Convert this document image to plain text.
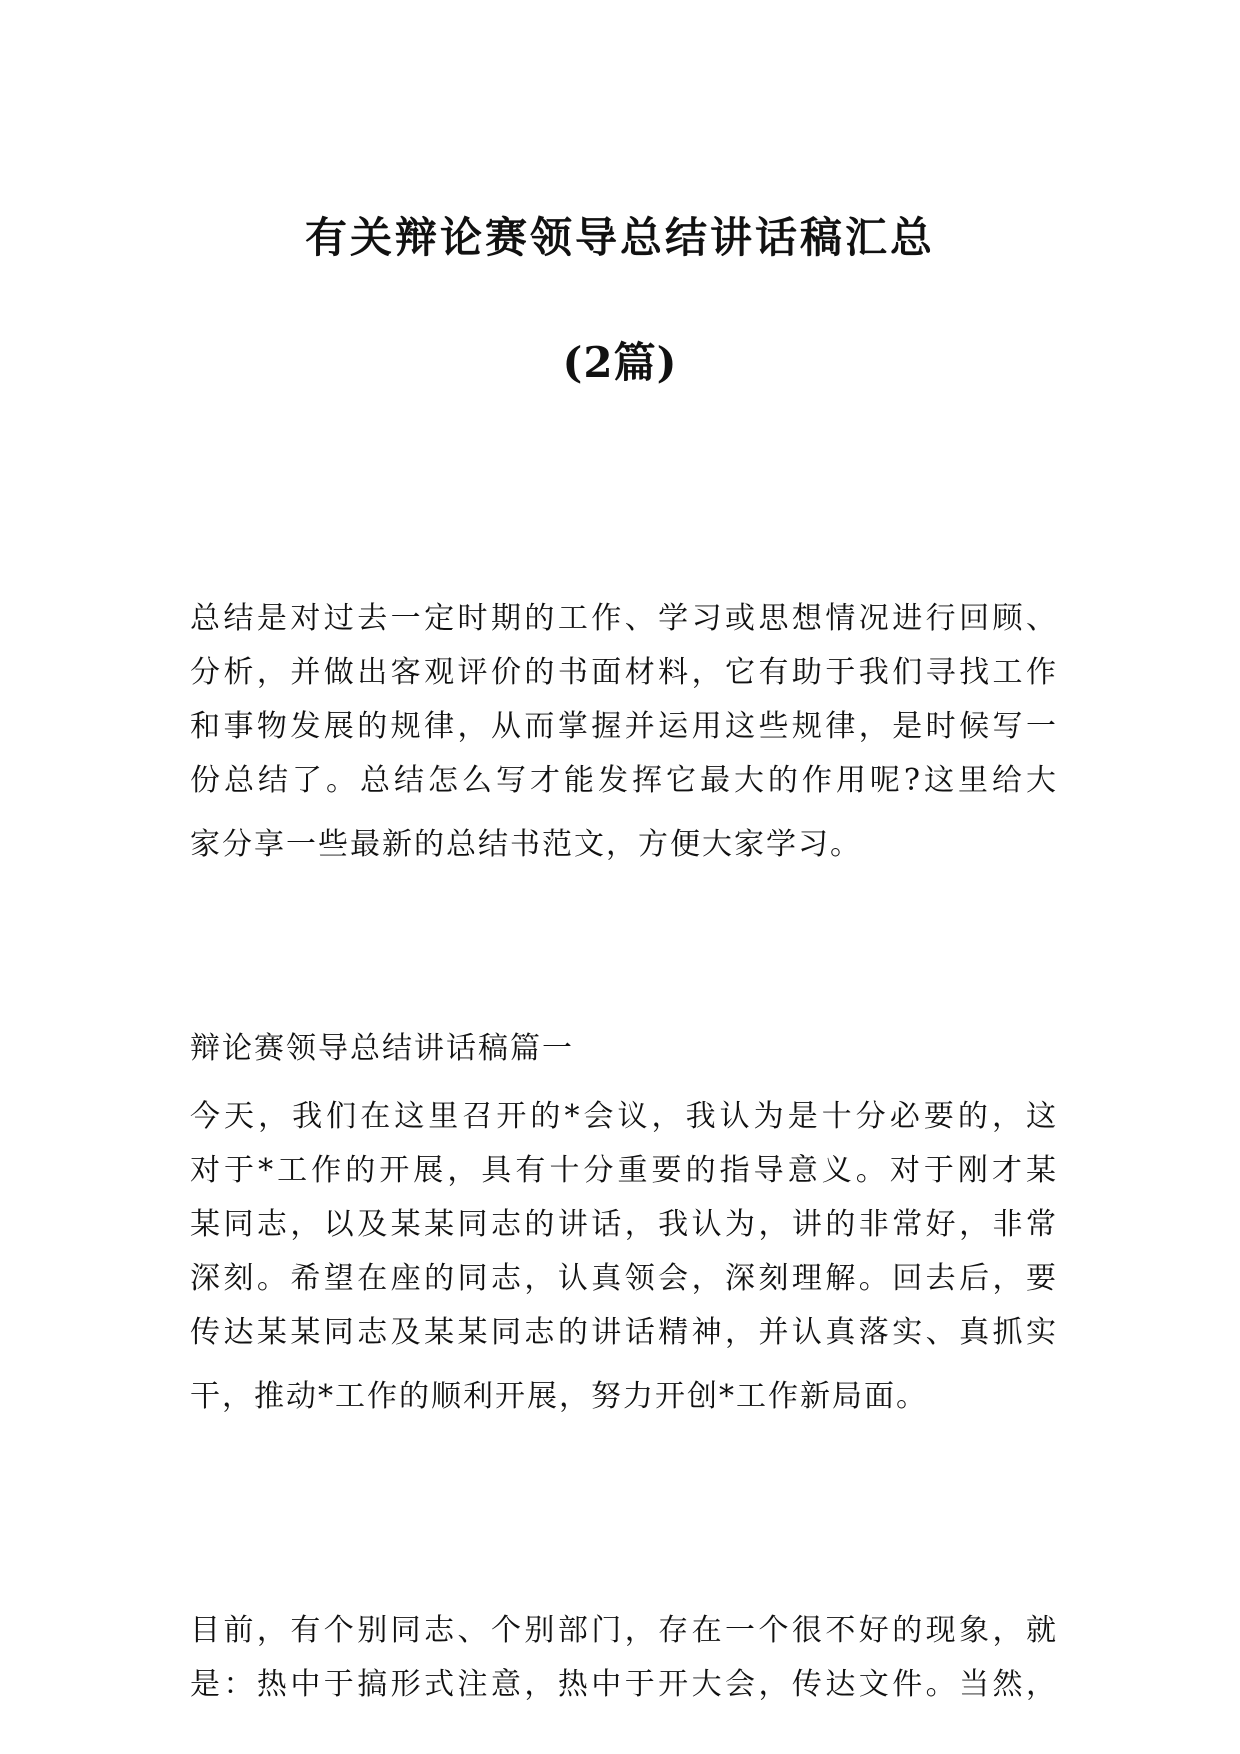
有关辩论赛领导总结讲话稿汇总
(2篇)
总结是对过去一定时期的工作、学习或思想情况进行回顾、
分析，并做出客观评价的书面材料，它有助于我们寻找工作
和事物发展的规律，从而掌握并运用这些规律，是时候写一
份总结了。总结怎么写才能发挥它最大的作用呢?这里给大
家分享一些最新的总结书范文，方便大家学习。
辩论赛领导总结讲话稿篇一
今天，我们在这里召开的*会议，我认为是十分必要的，这
对于*工作的开展，具有十分重要的指导意义。对于刚才某
某同志，以及某某同志的讲话，我认为，讲的非常好，非常
深刻。希望在座的同志，认真领会，深刻理解。回去后，要
传达某某同志及某某同志的讲话精神，并认真落实、真抓实
干，推动*工作的顺利开展，努力开创*工作新局面。
目前，有个别同志、个别部门，存在一个很不好的现象，就
是：热中于搞形式注意，热中于开大会，传达文件。当然，
